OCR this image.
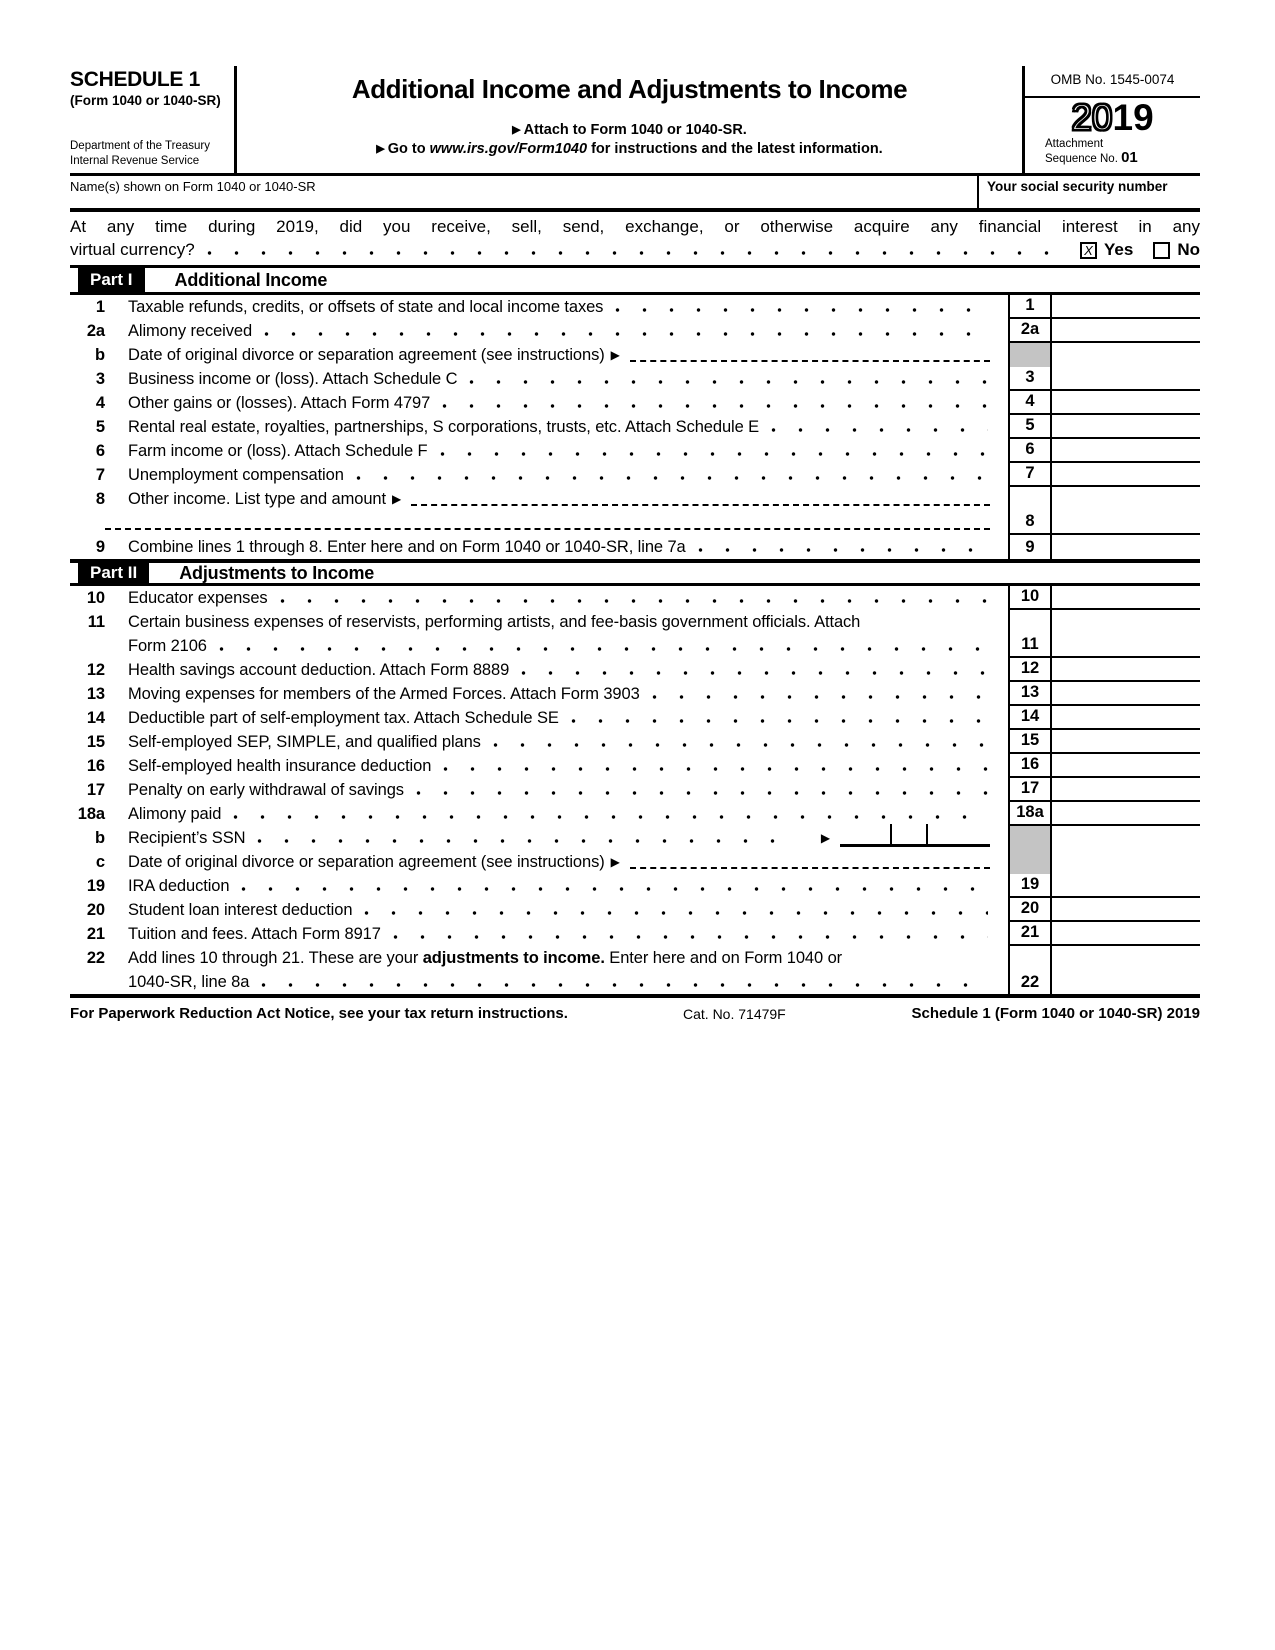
SCHEDULE 1
(Form 1040 or 1040-SR)
Department of the Treasury
Internal Revenue Service
Additional Income and Adjustments to Income
▶ Attach to Form 1040 or 1040-SR.
▶ Go to www.irs.gov/Form1040 for instructions and the latest information.
OMB No. 1545-0074
2019
Attachment
Sequence No. 01
Name(s) shown on Form 1040 or 1040-SR	Your social security number
At any time during 2019, did you receive, sell, send, exchange, or otherwise acquire any financial interest in any
virtual currency?	X Yes	No
Part I	Additional Income
1 Taxable refunds, credits, or offsets of state and local income taxes	1
2a Alimony received	2a
b Date of original divorce or separation agreement (see instructions) ▶
3 Business income or (loss). Attach Schedule C	3
4 Other gains or (losses). Attach Form 4797	4
5 Rental real estate, royalties, partnerships, S corporations, trusts, etc. Attach Schedule E	5
6 Farm income or (loss). Attach Schedule F	6
7 Unemployment compensation	7
8 Other income. List type and amount ▶
8
9 Combine lines 1 through 8. Enter here and on Form 1040 or 1040-SR, line 7a	9
Part II	Adjustments to Income
10 Educator expenses	10
11 Certain business expenses of reservists, performing artists, and fee-basis government officials. Attach
Form 2106	11
12 Health savings account deduction. Attach Form 8889	12
13 Moving expenses for members of the Armed Forces. Attach Form 3903	13
14 Deductible part of self-employment tax. Attach Schedule SE	14
15 Self-employed SEP, SIMPLE, and qualified plans	15
16 Self-employed health insurance deduction	16
17 Penalty on early withdrawal of savings	17
18a Alimony paid	18a
b Recipient’s SSN	▶
c Date of original divorce or separation agreement (see instructions) ▶
19 IRA deduction	19
20 Student loan interest deduction	20
21 Tuition and fees. Attach Form 8917	21
22 Add lines 10 through 21. These are your adjustments to income. Enter here and on Form 1040 or
1040-SR, line 8a	22
For Paperwork Reduction Act Notice, see your tax return instructions.	Cat. No. 71479F	Schedule 1 (Form 1040 or 1040-SR) 2019
